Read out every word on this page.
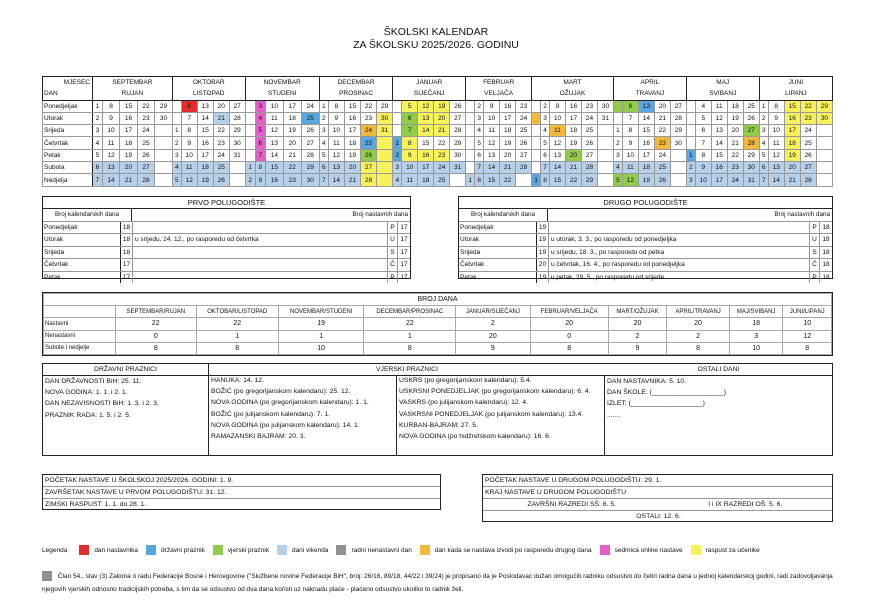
ŠKOLSKI KALENDAR
ZA ŠKOLSKU 2025/2026. GODINU
MJESEC	SEPTEMBAR					OKTOBAR					NOVEMBAR					DECEMBAR					JANUAR					FEBRUAR					MART						APRIL					MAJ					JUNI				
DAN	RUJAN					LISTOPAD					STUDENI					PROSINAC					SIJEČANJ					VELJAČA					OŽUJAK						TRAVANJ					SVIBANJ					LIPANJ				
Ponedjeljak	1	8	15	22	29		6	13	20	27		3	10	17	24	1	8	15	22	29		5	12	19	26		2	9	16	23		2	9	16	23	30		6	13	20	27		4	11	18	25	1	8	15	22	29
Utorak	2	9	16	23	30		7	14	21	28		4	11	18	25	2	9	16	23	30		6	13	20	27		3	10	17	24		3	10	17	24	31		7	14	21	28		5	12	19	26	2	9	16	23	30
Srijeda	3	10	17	24		1	8	15	22	29		5	12	19	26	3	10	17	24	31		7	14	21	28		4	11	18	25		4	11	18	25		1	8	15	22	29		6	13	20	27	3	10	17	24	
Četvrtak	4	11	18	25		2	9	16	23	30		6	13	20	27	4	11	18	25		1	8	15	22	29		5	12	19	26		5	12	19	26		2	9	16	23	30		7	14	21	28	4	11	18	25	
Petak	5	12	19	26		3	10	17	24	31		7	14	21	28	5	12	19	26		2	9	16	23	30		6	13	20	27		6	13	20	27		3	10	17	24		1	8	15	22	29	5	12	19	26	
Subota	6	13	20	27		4	11	18	25		1	8	15	22	29	6	13	20	27		3	10	17	24	31		7	14	21	28		7	14	21	28		4	11	18	25		2	9	16	23	30	6	13	20	27	
Nedjelja	7	14	21	28		5	12	19	26		2	9	16	23	30	7	14	21	28		4	11	18	25		1	8	15	22		1	8	15	22	29		5	12	19	26		3	10	17	24	31	7	14	21	28	
PRVO POLUGODIŠTE
Broj kalendarskih dana	Broj nastavnih dana
Ponedjeljak	18	P 17
Utorak	18 u srijedu, 24. 12., po rasporedu od četvrtka	U 17
Srijeda	18	S 17
Četvrtak	17	Č 17
Petak	17	P 17
DRUGO POLUGODIŠTE
Broj kalendarskih dana	Broj nastavnih dana
Ponedjeljak	19	P 18
Utorak	19 u utorak, 3. 3., po rasporedu od ponedjeljka	U 18
Srijeda	19 u srijedu, 18. 3., po rasporedu od petka	S 18
Četvrtak	20 u četvrtak, 16. 4., po rasporedu od ponedjeljka	Č 18
Petak	19 u petak, 29. 5., po rasporedu od srijede	P 18
BROJ DANA										
	SEPTEMBAR/RUJAN	OKTOBAR/LISTOPAD	NOVEMBAR/STUDENI	DECEMBAR/PROSINAC	JANUAR/SIJEČANJ	FEBRUAR/VELJAČA	MART/OŽUJAK	APRIL/TRAVANJ	MAJ/SVIBANJ	JUNI/LIPANJ
Nastavni	22	22	19	22	2	20	20	20	18	10
Nenastavni	0	1	1	1	20	0	2	2	3	12
Subote i nedjelje	8	8	10	8	9	8	9	8	10	8
DRŽAVNI PRAZNICI
DAN DRŽAVNOSTI BiH: 25. 11.
NOVA GODINA: 1. 1. i 2. 1.
DAN NEZAVISNOSTI BiH: 1. 3. i 2. 3.
PRAZNIK RADA: 1. 5. i 2. 5.
VJERSKI PRAZNICI
HANUKA: 14. 12.
BOŽIĆ (po gregorijanskom kalendaru): 25. 12.
NOVA GODINA (po gregorijanskom kalendaru): 1. 1.
BOŽIĆ (po julijanskom kalendaru): 7. 1.
NOVA GODINA (po julijanskom kalendaru): 14. 1.
RAMAZANSKI BAJRAM: 20. 3.
USKRS (po gregorijanskom kalendaru): 5.4.
USKRSNI PONEDJELJAK (po gregorijanskom kalendaru): 6. 4.
VASKRS (po julijanskom kalendaru): 12. 4.
VASKRSNI PONEDJELJAK (po julijanskom kalendaru): 13.4.
KURBAN-BAJRAM: 27. 5.
NOVA GODINA (po hidžretskom kalendaru): 16. 6.
OSTALI DANI
DAN NASTAVNIKA: 5. 10.
DAN ŠKOLE: (___________________)
IZLET: (___________________)
.......
POČETAK NASTAVE U ŠKOLSKOJ 2025/2026. GODINI: 1. 9.
ZAVRŠETAK NASTAVE U PRVOM POLUGODIŠTU: 31. 12.
ZIMSKI RASPUST: 1. 1. do 28. 1.
POČETAK NASTAVE U DRUGOM POLUGODIŠTU: 29. 1.
KRAJ NASTAVE U DRUGOM POLUGODIŠTU
ZAVRŠNI RAZREDI SŠ: 6. 5.	I i IX RAZREDI OŠ: 5. 6.
OSTALI: 12. 6.
Legenda	dan nastavnika	državni praznik	vjerski praznik	dani vikenda	radni nenastavni dan	dan kada se nastava izvodi po rasporedu drugog dana	sedmica online nastave	raspust za učenike
Član 54., stav (3) Zakona o radu Federacije Bosne i Hercegovine ("Službene novine Federacije BiH", broj: 26/16, 89/18, 44/22 i 39/24) je propisano da je Poslodavac dužan omogućiti radniku odsustvo do četiri radna dana u jednoj kalendarskoj godini, radi zadovoljavanja njegovih vjerskih odnosno tradicijskih potreba, s tim da se odsustvo od dva dana koristi uz naknadu plaće - plaćeno odsustvo ukoliko to radnik želi.
